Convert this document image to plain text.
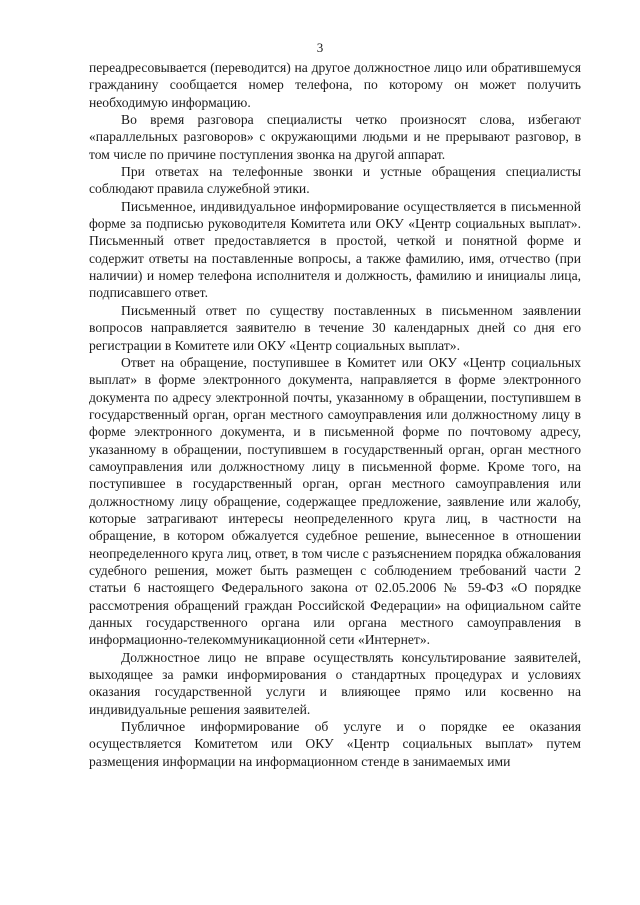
3

переадресовывается (переводится) на другое должностное лицо или обратившемуся гражданину сообщается номер телефона, по которому он может получить необходимую информацию.

Во время разговора специалисты четко произносят слова, избегают «параллельных разговоров» с окружающими людьми и не прерывают разговор, в том числе по причине поступления звонка на другой аппарат.

При ответах на телефонные звонки и устные обращения специалисты соблюдают правила служебной этики.

Письменное, индивидуальное информирование осуществляется в письменной форме за подписью руководителя Комитета или ОКУ «Центр социальных выплат». Письменный ответ предоставляется в простой, четкой и понятной форме и содержит ответы на поставленные вопросы, а также фамилию, имя, отчество (при наличии) и номер телефона исполнителя и должность, фамилию и инициалы лица, подписавшего ответ.

Письменный ответ по существу поставленных в письменном заявлении вопросов направляется заявителю в течение 30 календарных дней со дня его регистрации в Комитете или ОКУ «Центр социальных выплат».

Ответ на обращение, поступившее в Комитет или ОКУ «Центр социальных выплат» в форме электронного документа, направляется в форме электронного документа по адресу электронной почты, указанному в обращении, поступившем в государственный орган, орган местного самоуправления или должностному лицу в форме электронного документа, и в письменной форме по почтовому адресу, указанному в обращении, поступившем в государственный орган, орган местного самоуправления или должностному лицу в письменной форме. Кроме того, на поступившее в государственный орган, орган местного самоуправления или должностному лицу обращение, содержащее предложение, заявление или жалобу, которые затрагивают интересы неопределенного круга лиц, в частности на обращение, в котором обжалуется судебное решение, вынесенное в отношении неопределенного круга лиц, ответ, в том числе с разъяснением порядка обжалования судебного решения, может быть размещен с соблюдением требований части 2 статьи 6 настоящего Федерального закона от 02.05.2006 № 59-ФЗ «О порядке рассмотрения обращений граждан Российской Федерации» на официальном сайте данных государственного органа или органа местного самоуправления в информационно-телекоммуникационной сети «Интернет».

Должностное лицо не вправе осуществлять консультирование заявителей, выходящее за рамки информирования о стандартных процедурах и условиях оказания государственной услуги и влияющее прямо или косвенно на индивидуальные решения заявителей.

Публичное информирование об услуге и о порядке ее оказания осуществляется Комитетом или ОКУ «Центр социальных выплат» путем размещения информации на информационном стенде в занимаемых ими
